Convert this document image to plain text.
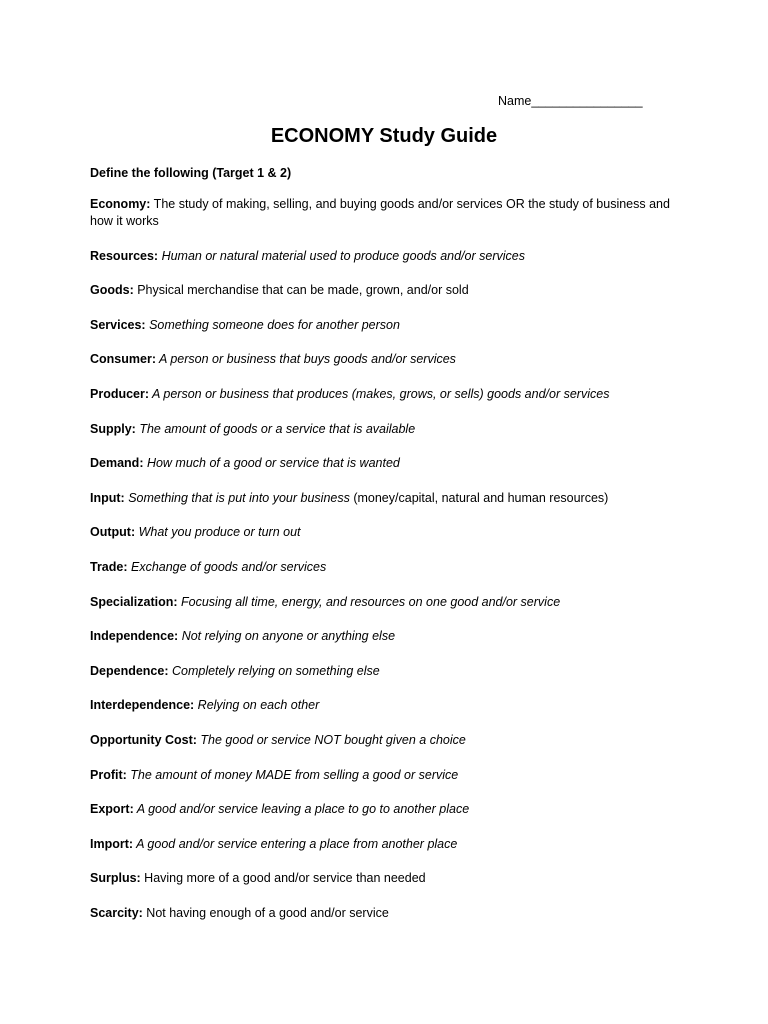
Name________________
ECONOMY Study Guide
Define the following (Target 1 & 2)
Economy: The study of making, selling, and buying goods and/or services OR the study of business and how it works
Resources: Human or natural material used to produce goods and/or services
Goods: Physical merchandise that can be made, grown, and/or sold
Services: Something someone does for another person
Consumer: A person or business that buys goods and/or services
Producer: A person or business that produces (makes, grows, or sells) goods and/or services
Supply: The amount of goods or a service that is available
Demand: How much of a good or service that is wanted
Input: Something that is put into your business (money/capital, natural and human resources)
Output: What you produce or turn out
Trade: Exchange of goods and/or services
Specialization: Focusing all time, energy, and resources on one good and/or service
Independence: Not relying on anyone or anything else
Dependence: Completely relying on something else
Interdependence: Relying on each other
Opportunity Cost: The good or service NOT bought given a choice
Profit: The amount of money MADE from selling a good or service
Export: A good and/or service leaving a place to go to another place
Import: A good and/or service entering a place from another place
Surplus: Having more of a good and/or service than needed
Scarcity: Not having enough of a good and/or service
